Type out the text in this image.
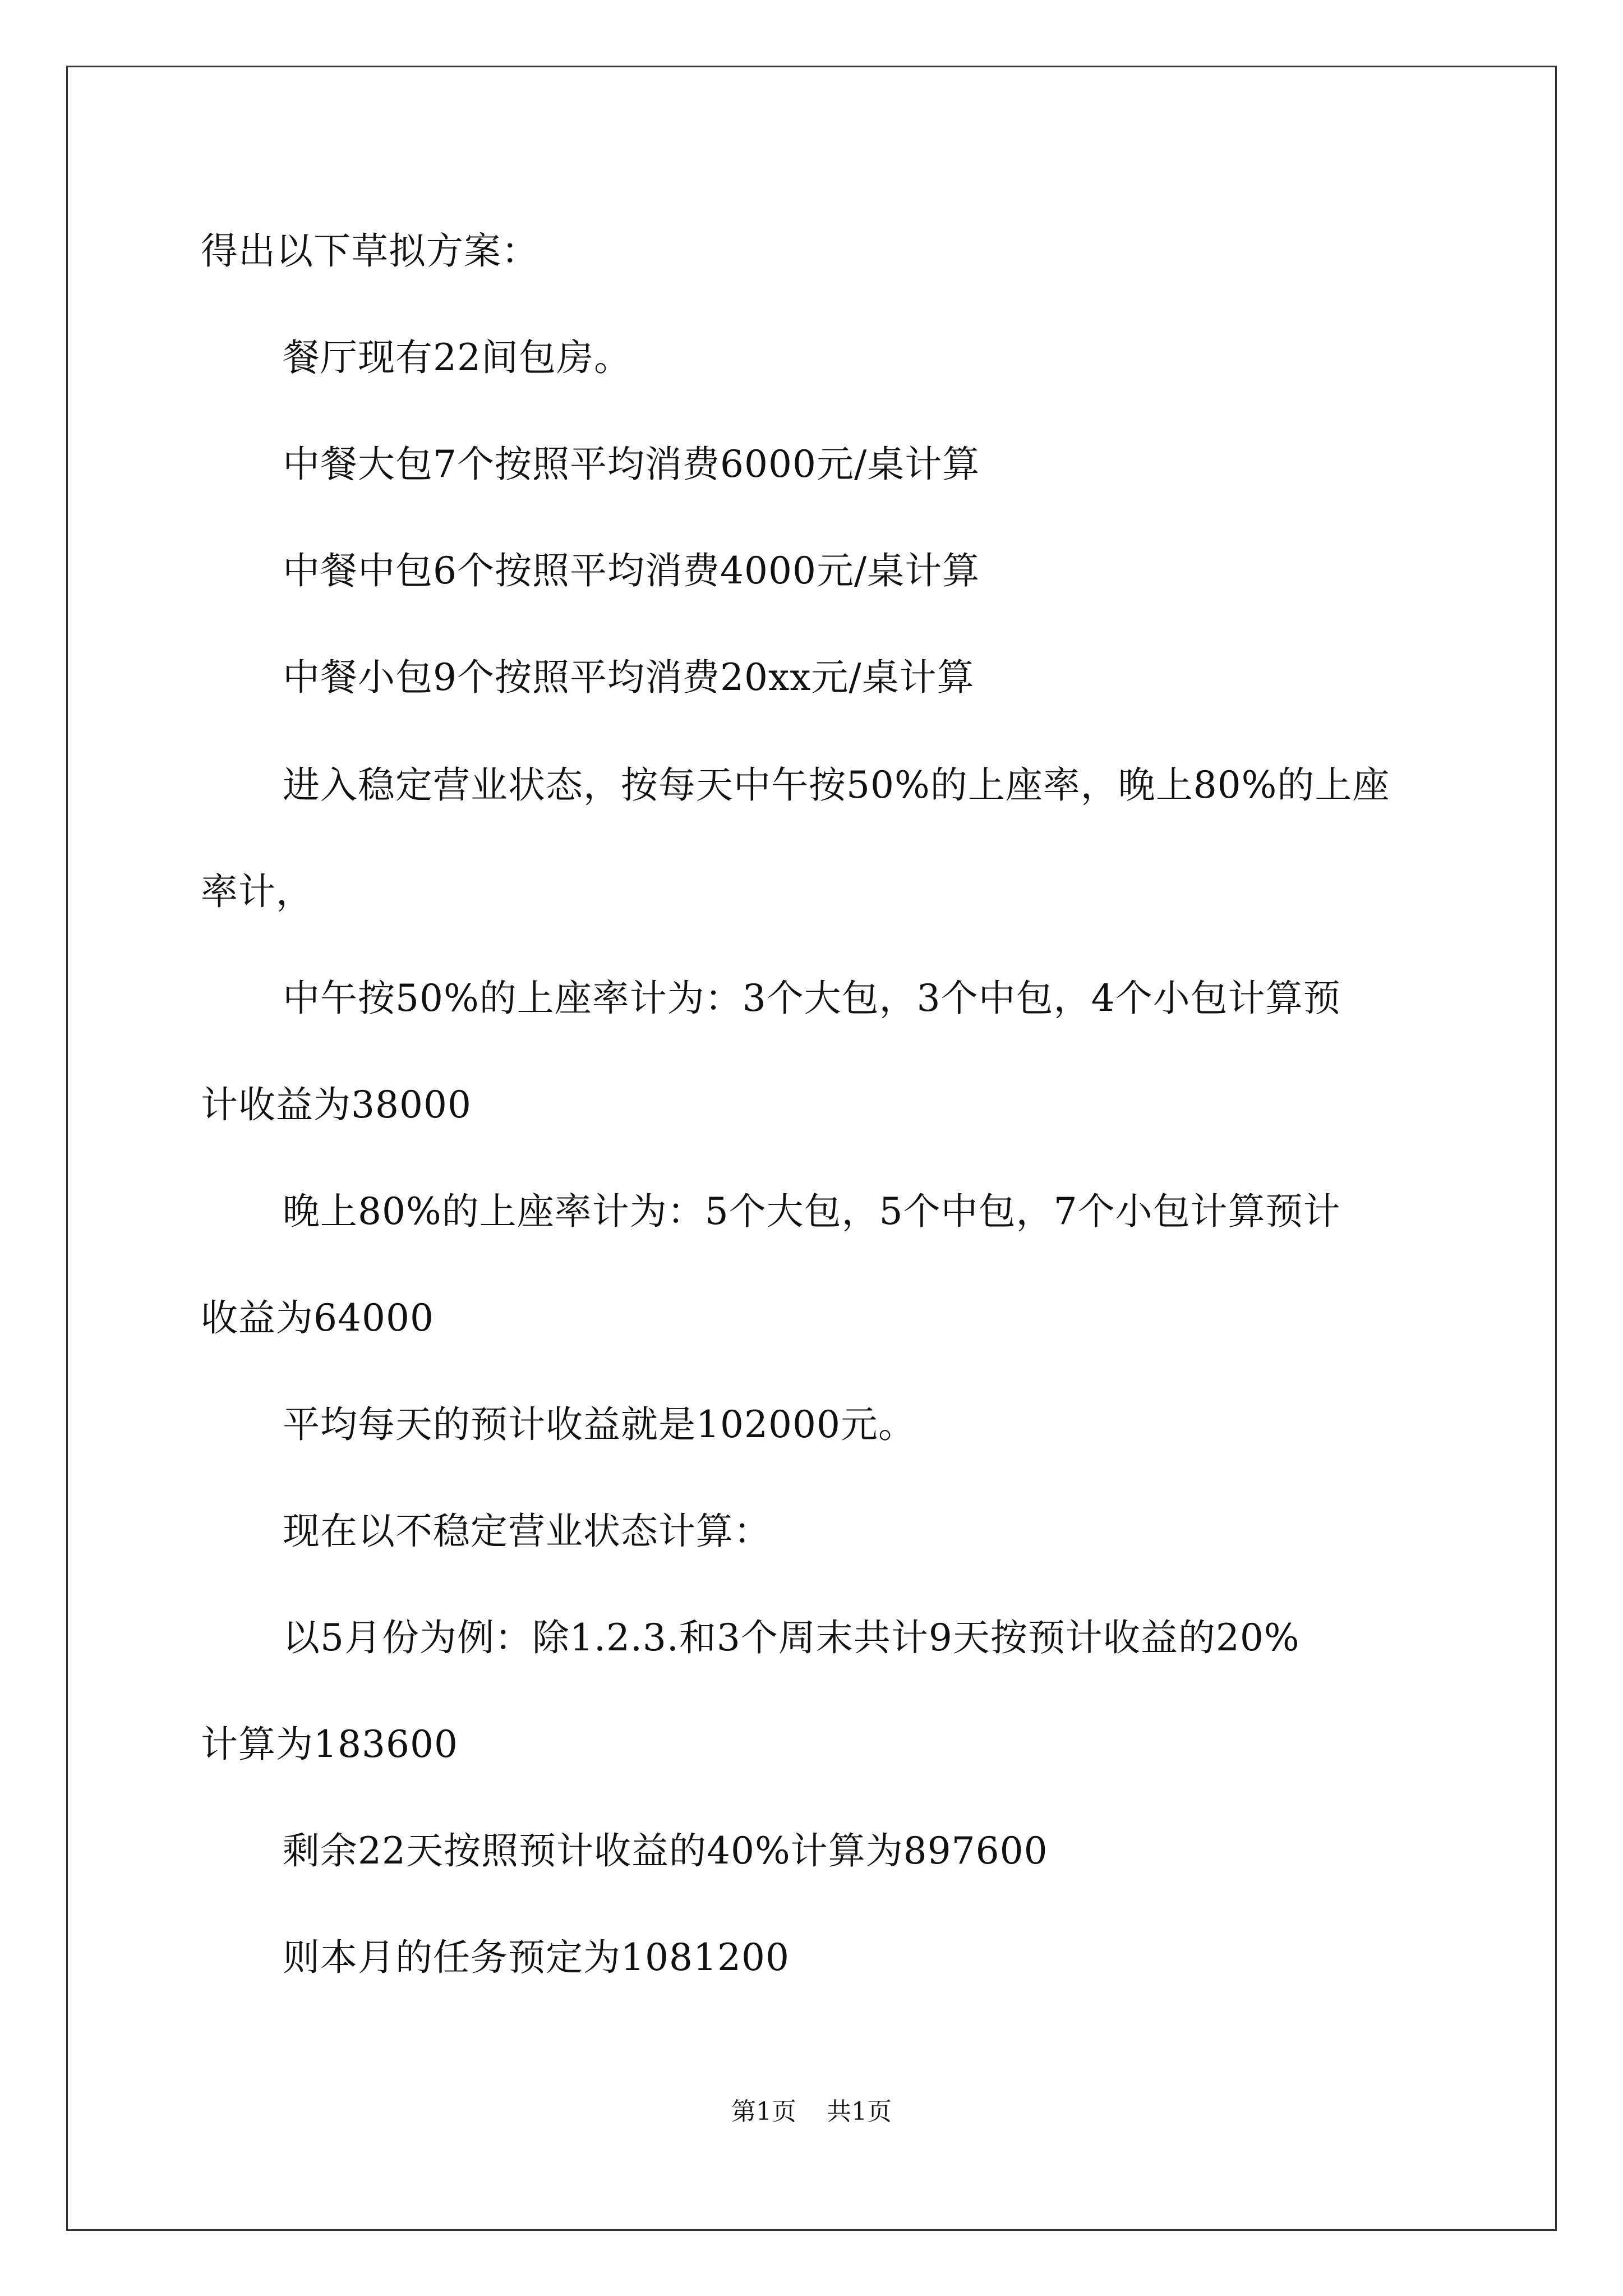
得出以下草拟方案：
餐厅现有22间包房。
中餐大包7个按照平均消费6000元/桌计算
中餐中包6个按照平均消费4000元/桌计算
中餐小包9个按照平均消费20xx元/桌计算
进入稳定营业状态，按每天中午按50%的上座率，晚上80%的上座
率计，
中午按50%的上座率计为：3个大包，3个中包，4个小包计算预
计收益为38000
晚上80%的上座率计为：5个大包，5个中包，7个小包计算预计
收益为64000
平均每天的预计收益就是102000元。
现在以不稳定营业状态计算：
以5月份为例：除1.2.3.和3个周末共计9天按预计收益的20%
计算为183600
剩余22天按照预计收益的40%计算为897600
则本月的任务预定为1081200
第1页 共1页
